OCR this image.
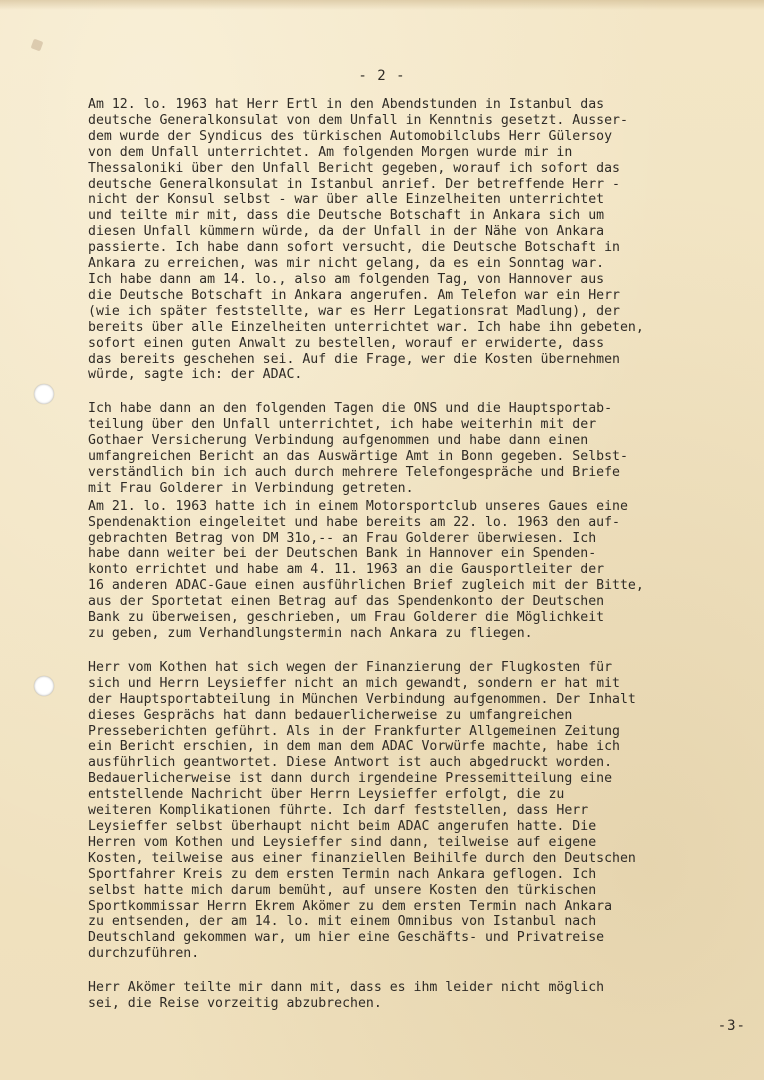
- 2 -

Am 12. lo. 1963 hat Herr Ertl in den Abendstunden in Istanbul das
deutsche Generalkonsulat von dem Unfall in Kenntnis gesetzt. Ausser-
dem wurde der Syndicus des türkischen Automobilclubs Herr Gülersoy
von dem Unfall unterrichtet. Am folgenden Morgen wurde mir in
Thessaloniki über den Unfall Bericht gegeben, worauf ich sofort das
deutsche Generalkonsulat in Istanbul anrief. Der betreffende Herr -
nicht der Konsul selbst - war über alle Einzelheiten unterrichtet
und teilte mir mit, dass die Deutsche Botschaft in Ankara sich um
diesen Unfall kümmern würde, da der Unfall in der Nähe von Ankara
passierte. Ich habe dann sofort versucht, die Deutsche Botschaft in
Ankara zu erreichen, was mir nicht gelang, da es ein Sonntag war.
Ich habe dann am 14. lo., also am folgenden Tag, von Hannover aus
die Deutsche Botschaft in Ankara angerufen. Am Telefon war ein Herr
(wie ich später feststellte, war es Herr Legationsrat Madlung), der
bereits über alle Einzelheiten unterrichtet war. Ich habe ihn gebeten,
sofort einen guten Anwalt zu bestellen, worauf er erwiderte, dass
das bereits geschehen sei. Auf die Frage, wer die Kosten übernehmen
würde, sagte ich: der ADAC.

Ich habe dann an den folgenden Tagen die ONS und die Hauptsportab-
teilung über den Unfall unterrichtet, ich habe weiterhin mit der
Gothaer Versicherung Verbindung aufgenommen und habe dann einen
umfangreichen Bericht an das Auswärtige Amt in Bonn gegeben. Selbst-
verständlich bin ich auch durch mehrere Telefongespräche und Briefe
mit Frau Golderer in Verbindung getreten.

Am 21. lo. 1963 hatte ich in einem Motorsportclub unseres Gaues eine
Spendenaktion eingeleitet und habe bereits am 22. lo. 1963 den auf-
gebrachten Betrag von DM 31o,-- an Frau Golderer überwiesen. Ich
habe dann weiter bei der Deutschen Bank in Hannover ein Spenden-
konto errichtet und habe am 4. 11. 1963 an die Gausportleiter der
16 anderen ADAC-Gaue einen ausführlichen Brief zugleich mit der Bitte,
aus der Sportetat einen Betrag auf das Spendenkonto der Deutschen
Bank zu überweisen, geschrieben, um Frau Golderer die Möglichkeit
zu geben, zum Verhandlungstermin nach Ankara zu fliegen.

Herr vom Kothen hat sich wegen der Finanzierung der Flugkosten für
sich und Herrn Leysieffer nicht an mich gewandt, sondern er hat mit
der Hauptsportabteilung in München Verbindung aufgenommen. Der Inhalt
dieses Gesprächs hat dann bedauerlicherweise zu umfangreichen
Presseberichten geführt. Als in der Frankfurter Allgemeinen Zeitung
ein Bericht erschien, in dem man dem ADAC Vorwürfe machte, habe ich
ausführlich geantwortet. Diese Antwort ist auch abgedruckt worden.
Bedauerlicherweise ist dann durch irgendeine Pressemitteilung eine
entstellende Nachricht über Herrn Leysieffer erfolgt, die zu
weiteren Komplikationen führte. Ich darf feststellen, dass Herr
Leysieffer selbst überhaupt nicht beim ADAC angerufen hatte. Die
Herren vom Kothen und Leysieffer sind dann, teilweise auf eigene
Kosten, teilweise aus einer finanziellen Beihilfe durch den Deutschen
Sportfahrer Kreis zu dem ersten Termin nach Ankara geflogen. Ich
selbst hatte mich darum bemüht, auf unsere Kosten den türkischen
Sportkommissar Herrn Ekrem Akömer zu dem ersten Termin nach Ankara
zu entsenden, der am 14. lo. mit einem Omnibus von Istanbul nach
Deutschland gekommen war, um hier eine Geschäfts- und Privatreise
durchzuführen.

Herr Akömer teilte mir dann mit, dass es ihm leider nicht möglich
sei, die Reise vorzeitig abzubrechen.

-3-
